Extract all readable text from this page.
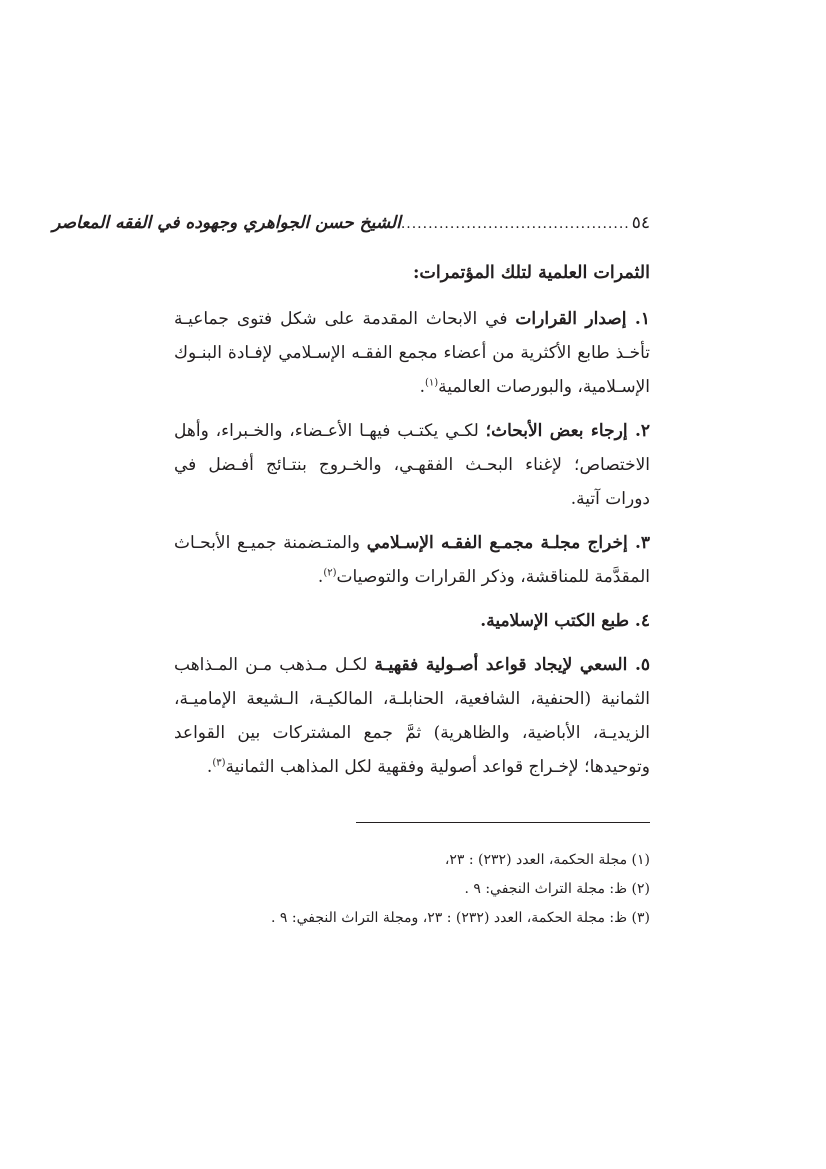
٥٤
..........................................
الشيخ حسن الجواهري وجهوده في الفقه المعاصر
الثمرات العلمية لتلك المؤتمرات:

١. إصدار القرارات في الابحاث المقدمة على شكل فتوى جماعيـة تأخـذ طابع الأكثرية من أعضاء مجمع الفقـه الإسـلامي لإفـادة البنـوك الإسـلامية، والبورصات العالمية$^{(١)}$.

٢. إرجاء بعض الأبحاث؛ لكـي يكتـب فيهـا الأعـضاء، والخـبراء، وأهل الاختصاص؛ لإغناء البحـث الفقهـي، والخـروج بنتـائج أفـضل في دورات آتية.

٣. إخراج مجلـة مجمـع الفقـه الإسـلامي والمتـضمنة جميـع الأبحـاث المقدَّمة للمناقشة، وذكر القرارات والتوصيات$^{(٢)}$.

٤. طبع الكتب الإسلامية.

٥. السعي لإيجاد قواعد أصـولية فقهيـة لكـل مـذهب مـن المـذاهب الثمانية (الحنفية، الشافعية، الحنابلـة، المالكيـة، الـشيعة الإماميـة، الزيديـة، الأباضية، والظاهرية) ثمَّ جمع المشتركات بين القواعد وتوحيدها؛ لإخـراج قواعد أصولية وفقهية لكل المذاهب الثمانية$^{(٣)}$.

(١) مجلة الحكمة، العدد (٢٣٢) : ٢٣،
(٢) ظ: مجلة التراث النجفي: ٩ .
(٣) ظ: مجلة الحكمة، العدد (٢٣٢) : ٢٣، ومجلة التراث النجفي: ٩ .
